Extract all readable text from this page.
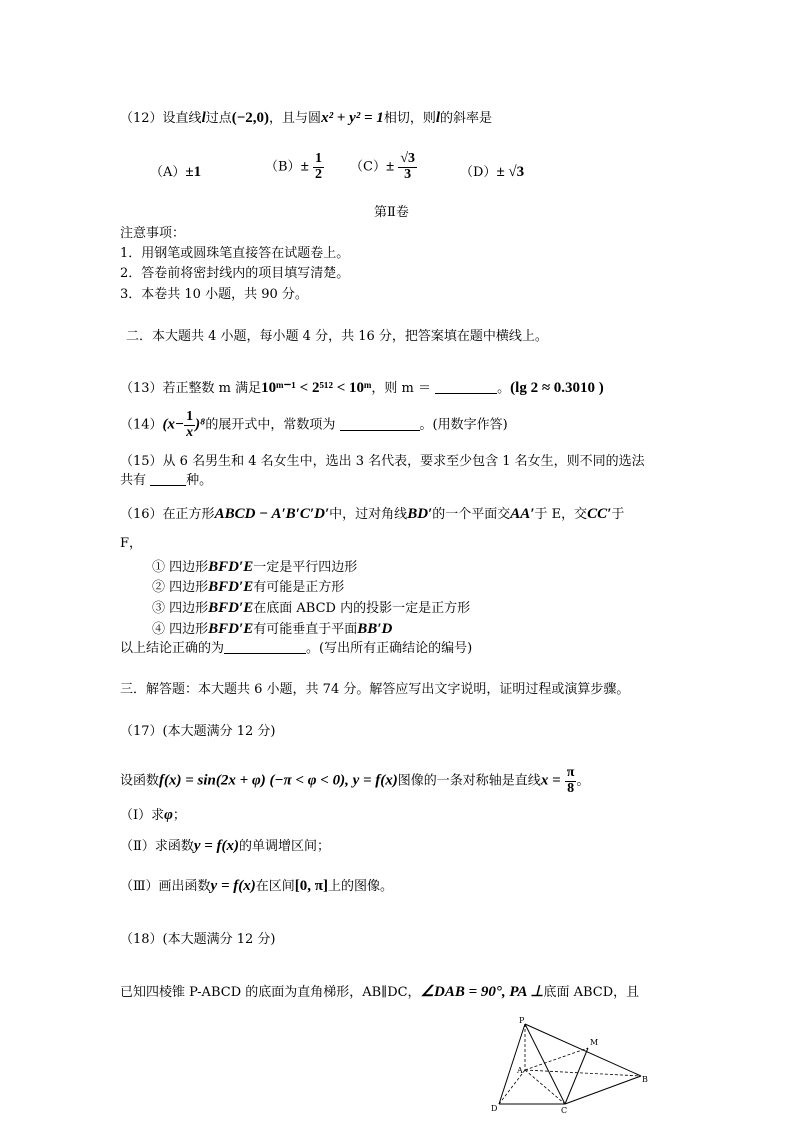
（12）设直线l过点(−2,0)，且与圆x² + y² = 1相切，则l的斜率是
（A）±1	$(B)\pm \frac{1}{2} (C)\pm \frac{√3}{3}$	（D）± √3
第Ⅱ卷
注意事项：
1．用钢笔或圆珠笔直接答在试题卷上。
2．答卷前将密封线内的项目填写清楚。
3．本卷共 10 小题，共 90 分。
二．本大题共 4 小题，每小题 4 分，共 16 分，把答案填在题中横线上。
（13）若正整数 m 满足10ᵐ⁻¹ < 2⁵¹² < 10ᵐ，则 m ＝	。(lg 2 ≈ 0.3010 )
$(14)(x- \frac{1}{x} )^8$的展开式中，常数项为	。(用数字作答)
（15）从 6 名男生和 4 名女生中，选出 3 名代表，要求至少包含 1 名女生，则不同的选法
共有	种。
（16）在正方形ABCD − A′B′C′D′中，过对角线BD′的一个平面交AA′于 E，交CC′于
F，
① 四边形BFD′E一定是平行四边形
② 四边形BFD′E有可能是正方形
③ 四边形BFD′E在底面 ABCD 内的投影一定是正方形
④ 四边形BFD′E有可能垂直于平面BB′D
以上结论正确的为	。(写出所有正确结论的编号)
三．解答题：本大题共 6 小题，共 74 分。解答应写出文字说明，证明过程或演算步骤。
（17）(本大题满分 12 分)
设函数f(x) = sin(2x + φ) (−π < φ < 0), y = f(x)图像的一条对称轴是直线$x = \frac{\pi}{8}$ 。
（Ⅰ）求φ；
（Ⅱ）求函数y = f(x)的单调增区间；
（Ⅲ）画出函数y = f(x)在区间[0, π]上的图像。
（18）(本大题满分 12 分)
已知四棱锥 P-ABCD 的底面为直角梯形，AB∥DC，∠DAB = 90°, PA ⊥底面 ABCD，且
P
M
A
B
D	C
